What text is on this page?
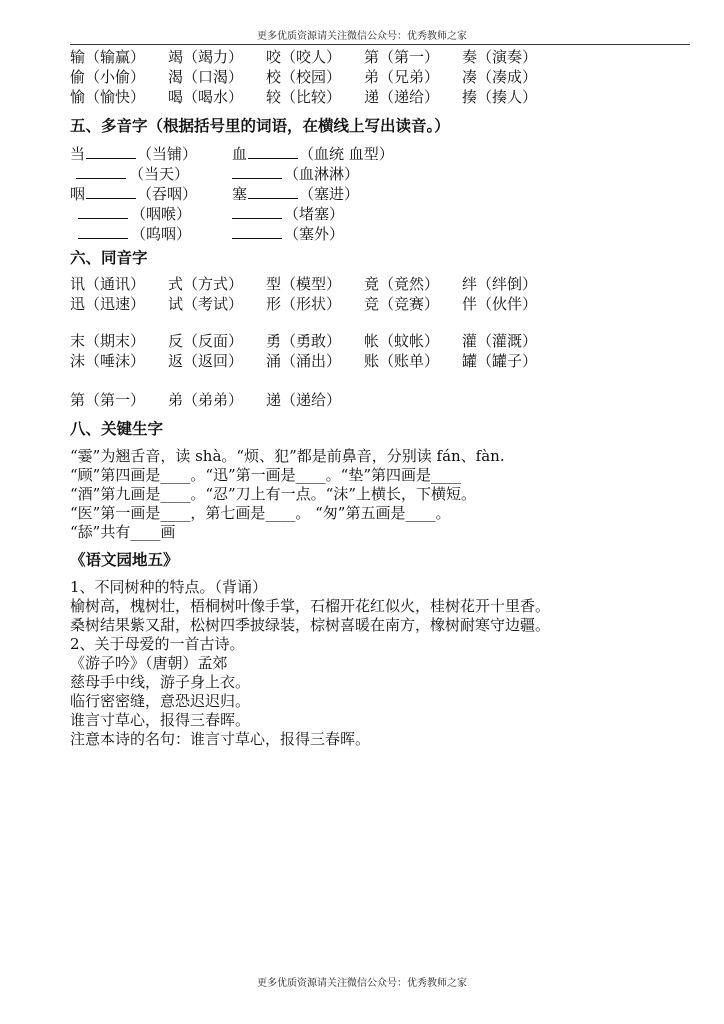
更多优质资源请关注微信公众号：优秀教师之家
输（输赢） 竭（竭力） 咬（咬人） 第（第一） 奏（演奏）
偷（小偷） 渴（口渴） 校（校园） 弟（兄弟） 凑（凑成）
愉（愉快） 喝（喝水） 较（比较） 递（递给） 揍（揍人）
五、多音字（根据括号里的词语，在横线上写出读音。）
当	（当铺） 血	（血统 血型）
（当天）	（血淋淋）
咽	（吞咽） 塞	（塞进）
（咽喉）	（堵塞）
（呜咽）	（塞外）
六、同音字
讯（通讯） 式（方式） 型（模型） 竟（竟然） 绊（绊倒）
迅（迅速） 试（考试） 形（形状） 竞（竞赛） 伴（伙伴）
末（期末） 反（反面） 勇（勇敢） 帐（蚊帐） 灌（灌溉）
沫（唾沫） 返（返回） 涌（涌出） 账（账单） 罐（罐子）
第（第一） 弟（弟弟） 递（递给）
八、关键生字
“霎”为翘舌音，读 shà。“烦、犯”都是前鼻音，分别读 fán、fàn.
“顾”第四画是____。“迅”第一画是____。“垫”第四画是____
“酒”第九画是____。“忍”刀上有一点。“沫”上横长，下横短。
“医”第一画是____，第七画是____。 “匆”第五画是____。
“舔”共有____画
《语文园地五》
1、不同树种的特点。（背诵）
榆树高，槐树壮，梧桐树叶像手掌，石榴开花红似火，桂树花开十里香。
桑树结果紫又甜，松树四季披绿装，棕树喜暖在南方，橡树耐寒守边疆。
2、关于母爱的一首古诗。
《游子吟》（唐朝）孟郊
慈母手中线，游子身上衣。
临行密密缝，意恐迟迟归。
谁言寸草心，报得三春晖。
注意本诗的名句：谁言寸草心，报得三春晖。
更多优质资源请关注微信公众号：优秀教师之家
